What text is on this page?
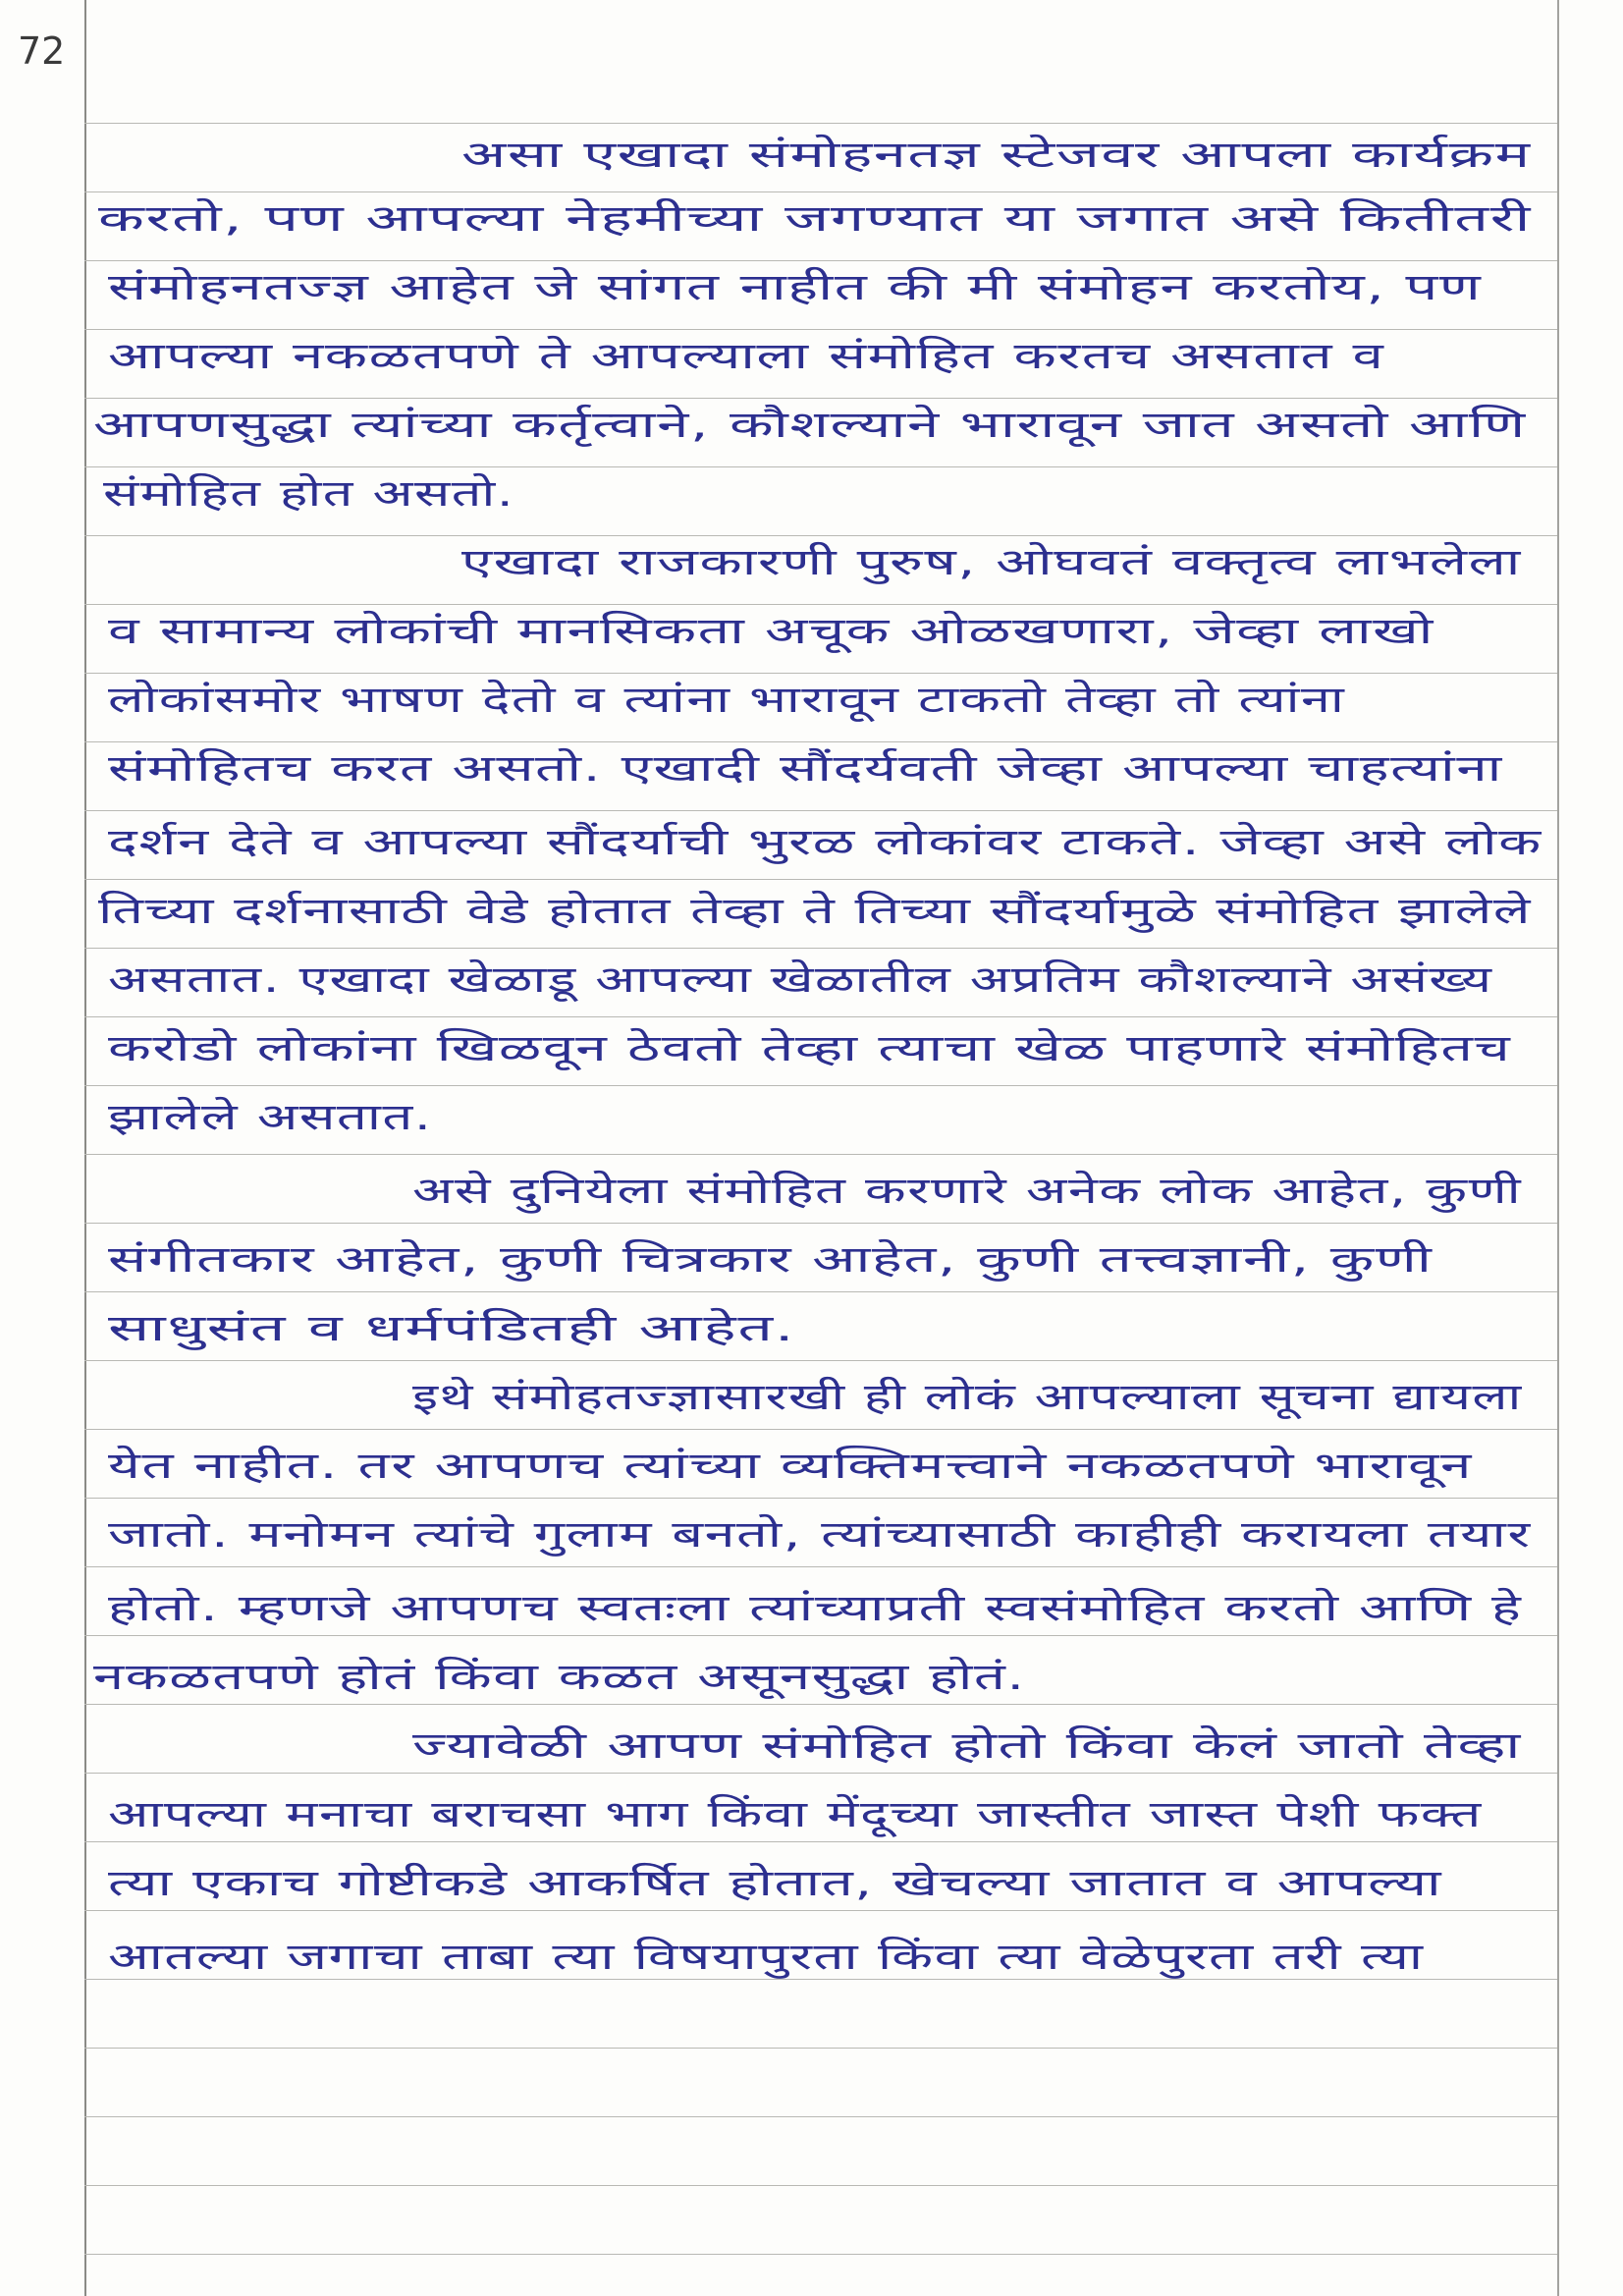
72
असा एखादा संमोहनतज्ञ स्टेजवर आपला कार्यक्रम
करतो, पण आपल्या नेहमीच्या जगण्यात या जगात असे कितीतरी
संमोहनतज्ज्ञ आहेत जे सांगत नाहीत की मी संमोहन करतोय, पण
आपल्या नकळतपणे ते आपल्याला संमोहित करतच असतात व
आपणसुद्धा त्यांच्या कर्तृत्वाने, कौशल्याने भारावून जात असतो आणि
संमोहित होत असतो.
एखादा राजकारणी पुरुष, ओघवतं वक्तृत्व लाभलेला
व सामान्य लोकांची मानसिकता अचूक ओळखणारा, जेव्हा लाखो
लोकांसमोर भाषण देतो व त्यांना भारावून टाकतो तेव्हा तो त्यांना
संमोहितच करत असतो. एखादी सौंदर्यवती जेव्हा आपल्या चाहत्यांना
दर्शन देते व आपल्या सौंदर्याची भुरळ लोकांवर टाकते. जेव्हा असे लोक
तिच्या दर्शनासाठी वेडे होतात तेव्हा ते तिच्या सौंदर्यामुळे संमोहित झालेले
असतात. एखादा खेळाडू आपल्या खेळातील अप्रतिम कौशल्याने असंख्य
करोडो लोकांना खिळवून ठेवतो तेव्हा त्याचा खेळ पाहणारे संमोहितच
झालेले असतात.
असे दुनियेला संमोहित करणारे अनेक लोक आहेत, कुणी
संगीतकार आहेत, कुणी चित्रकार आहेत, कुणी तत्त्वज्ञानी, कुणी
साधुसंत व धर्मपंडितही आहेत.
इथे संमोहतज्ज्ञासारखी ही लोकं आपल्याला सूचना द्यायला
येत नाहीत. तर आपणच त्यांच्या व्यक्तिमत्त्वाने नकळतपणे भारावून
जातो. मनोमन त्यांचे गुलाम बनतो, त्यांच्यासाठी काहीही करायला तयार
होतो. म्हणजे आपणच स्वतःला त्यांच्याप्रती स्वसंमोहित करतो आणि हे
नकळतपणे होतं किंवा कळत असूनसुद्धा होतं.
ज्यावेळी आपण संमोहित होतो किंवा केलं जातो तेव्हा
आपल्या मनाचा बराचसा भाग किंवा मेंदूच्या जास्तीत जास्त पेशी फक्त
त्या एकाच गोष्टीकडे आकर्षित होतात, खेचल्या जातात व आपल्या
आतल्या जगाचा ताबा त्या विषयापुरता किंवा त्या वेळेपुरता तरी त्या
